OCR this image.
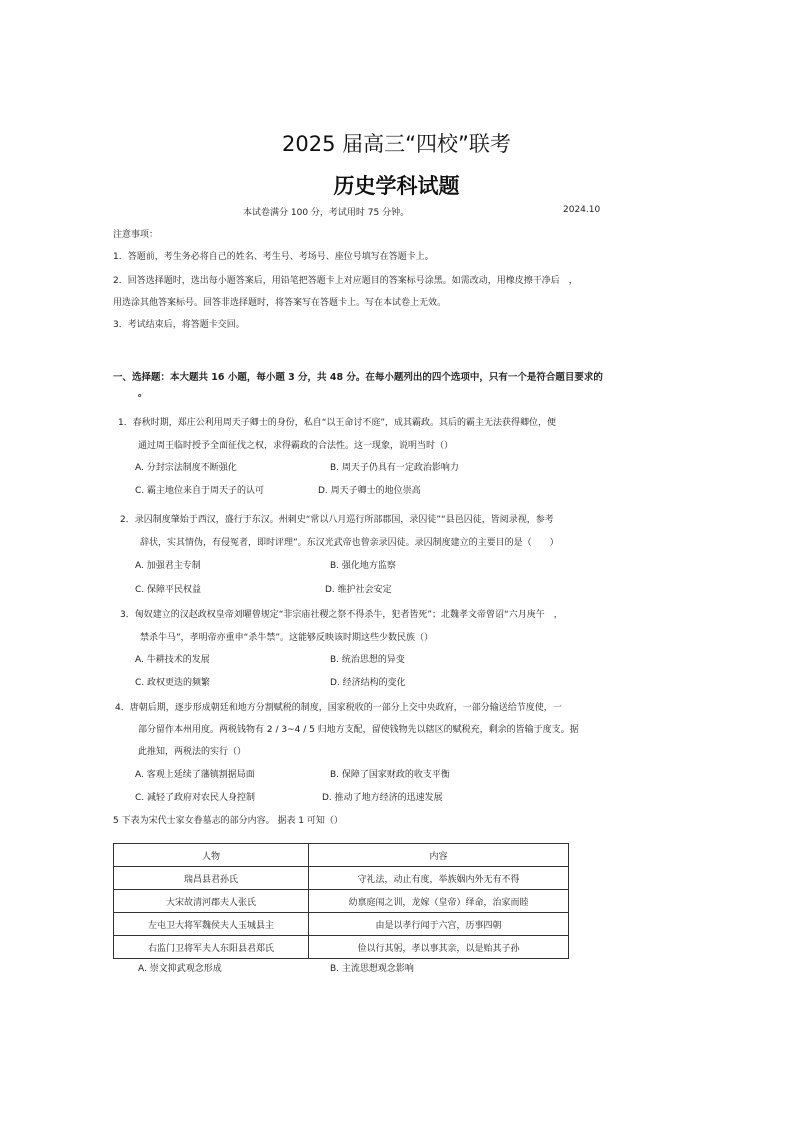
2025 届高三“四校”联考
历史学科试题
本试卷满分 100 分，考试用时 75 分钟。	2024.10
注意事项：
1．答题前，考生务必将自己的姓名、考生号、考场号、座位号填写在答题卡上。
2．回答选择题时，选出每小题答案后，用铅笔把答题卡上对应题目的答案标号涂黑。如需改动，用橡皮擦干净后　，
用选涂其他答案标号。回答非选择题时，将答案写在答题卡上。写在本试卷上无效。
3．考试结束后，将答题卡交回。
一、选择题：本大题共 16 小题，每小题 3 分，共 48 分。在每小题列出的四个选项中，只有一个是符合题目要求的
。
1．春秋时期，郑庄公利用周天子卿士的身份，私自“以王命讨不庭”，成其霸政。其后的霸主无法获得卿位，便
通过周王临时授予全面征伐之权，求得霸政的合法性。这一现象，说明当时（）
A. 分封宗法制度不断强化	B. 周天子仍具有一定政治影响力
C. 霸主地位来自于周天子的认可	D. 周天子卿士的地位崇高
2．录囚制度肇始于西汉，盛行于东汉。州刺史“常以八月巡行所部郡国，录囚徒”“县邑囚徒，皆阅录视，参考
辞状，实其情伪，有侵冤者，即时评理”。东汉光武帝也曾亲录囚徒。录囚制度建立的主要目的是（　　）
A. 加强君主专制	B. 强化地方监察
C. 保障平民权益	D. 维护社会安定
3．匈奴建立的汉赵政权皇帝刘曜曾规定“非宗庙社稷之祭不得杀牛，犯者皆死”；北魏孝文帝曾诏“六月庚午　，
禁杀牛马”，孝明帝亦重申“杀牛禁”。这能够反映该时期这些少数民族（）
A. 牛耕技术的发展	B. 统治思想的异变
C. 政权更迭的频繁	D. 经济结构的变化
4．唐朝后期，逐步形成朝廷和地方分割赋税的制度，国家税收的一部分上交中央政府，一部分输送给节度使，一
部分留作本州用度。两税钱物有 2 / 3~4 / 5 归地方支配，留使钱物先以辖区的赋税充，剩余的皆输于度支。据
此推知，两税法的实行（）
A. 客观上延续了藩镇割据局面	B. 保障了国家财政的收支平衡
C. 减轻了政府对农民人身控制	D. 推动了地方经济的迅速发展
5 下表为宋代士家女眷墓志的部分内容。 据表 1 可知（）
人物	内容
瑞昌县君孙氏	守礼法，动止有度，举族姻内外无有不得
大宋故清河郡夫人张氏	幼禀庭闱之训，龙嫁（皇帝）绎命，治家而睦
左屯卫大将军魏侯夫人玉城县主	由是以孝行闻于六宫，历事四朝
右监门卫将军夫人东阳县君郑氏	俭以行其躬，孝以事其亲，以是贻其子孙
A. 崇文抑武观念形成	B. 主流思想观念影响
